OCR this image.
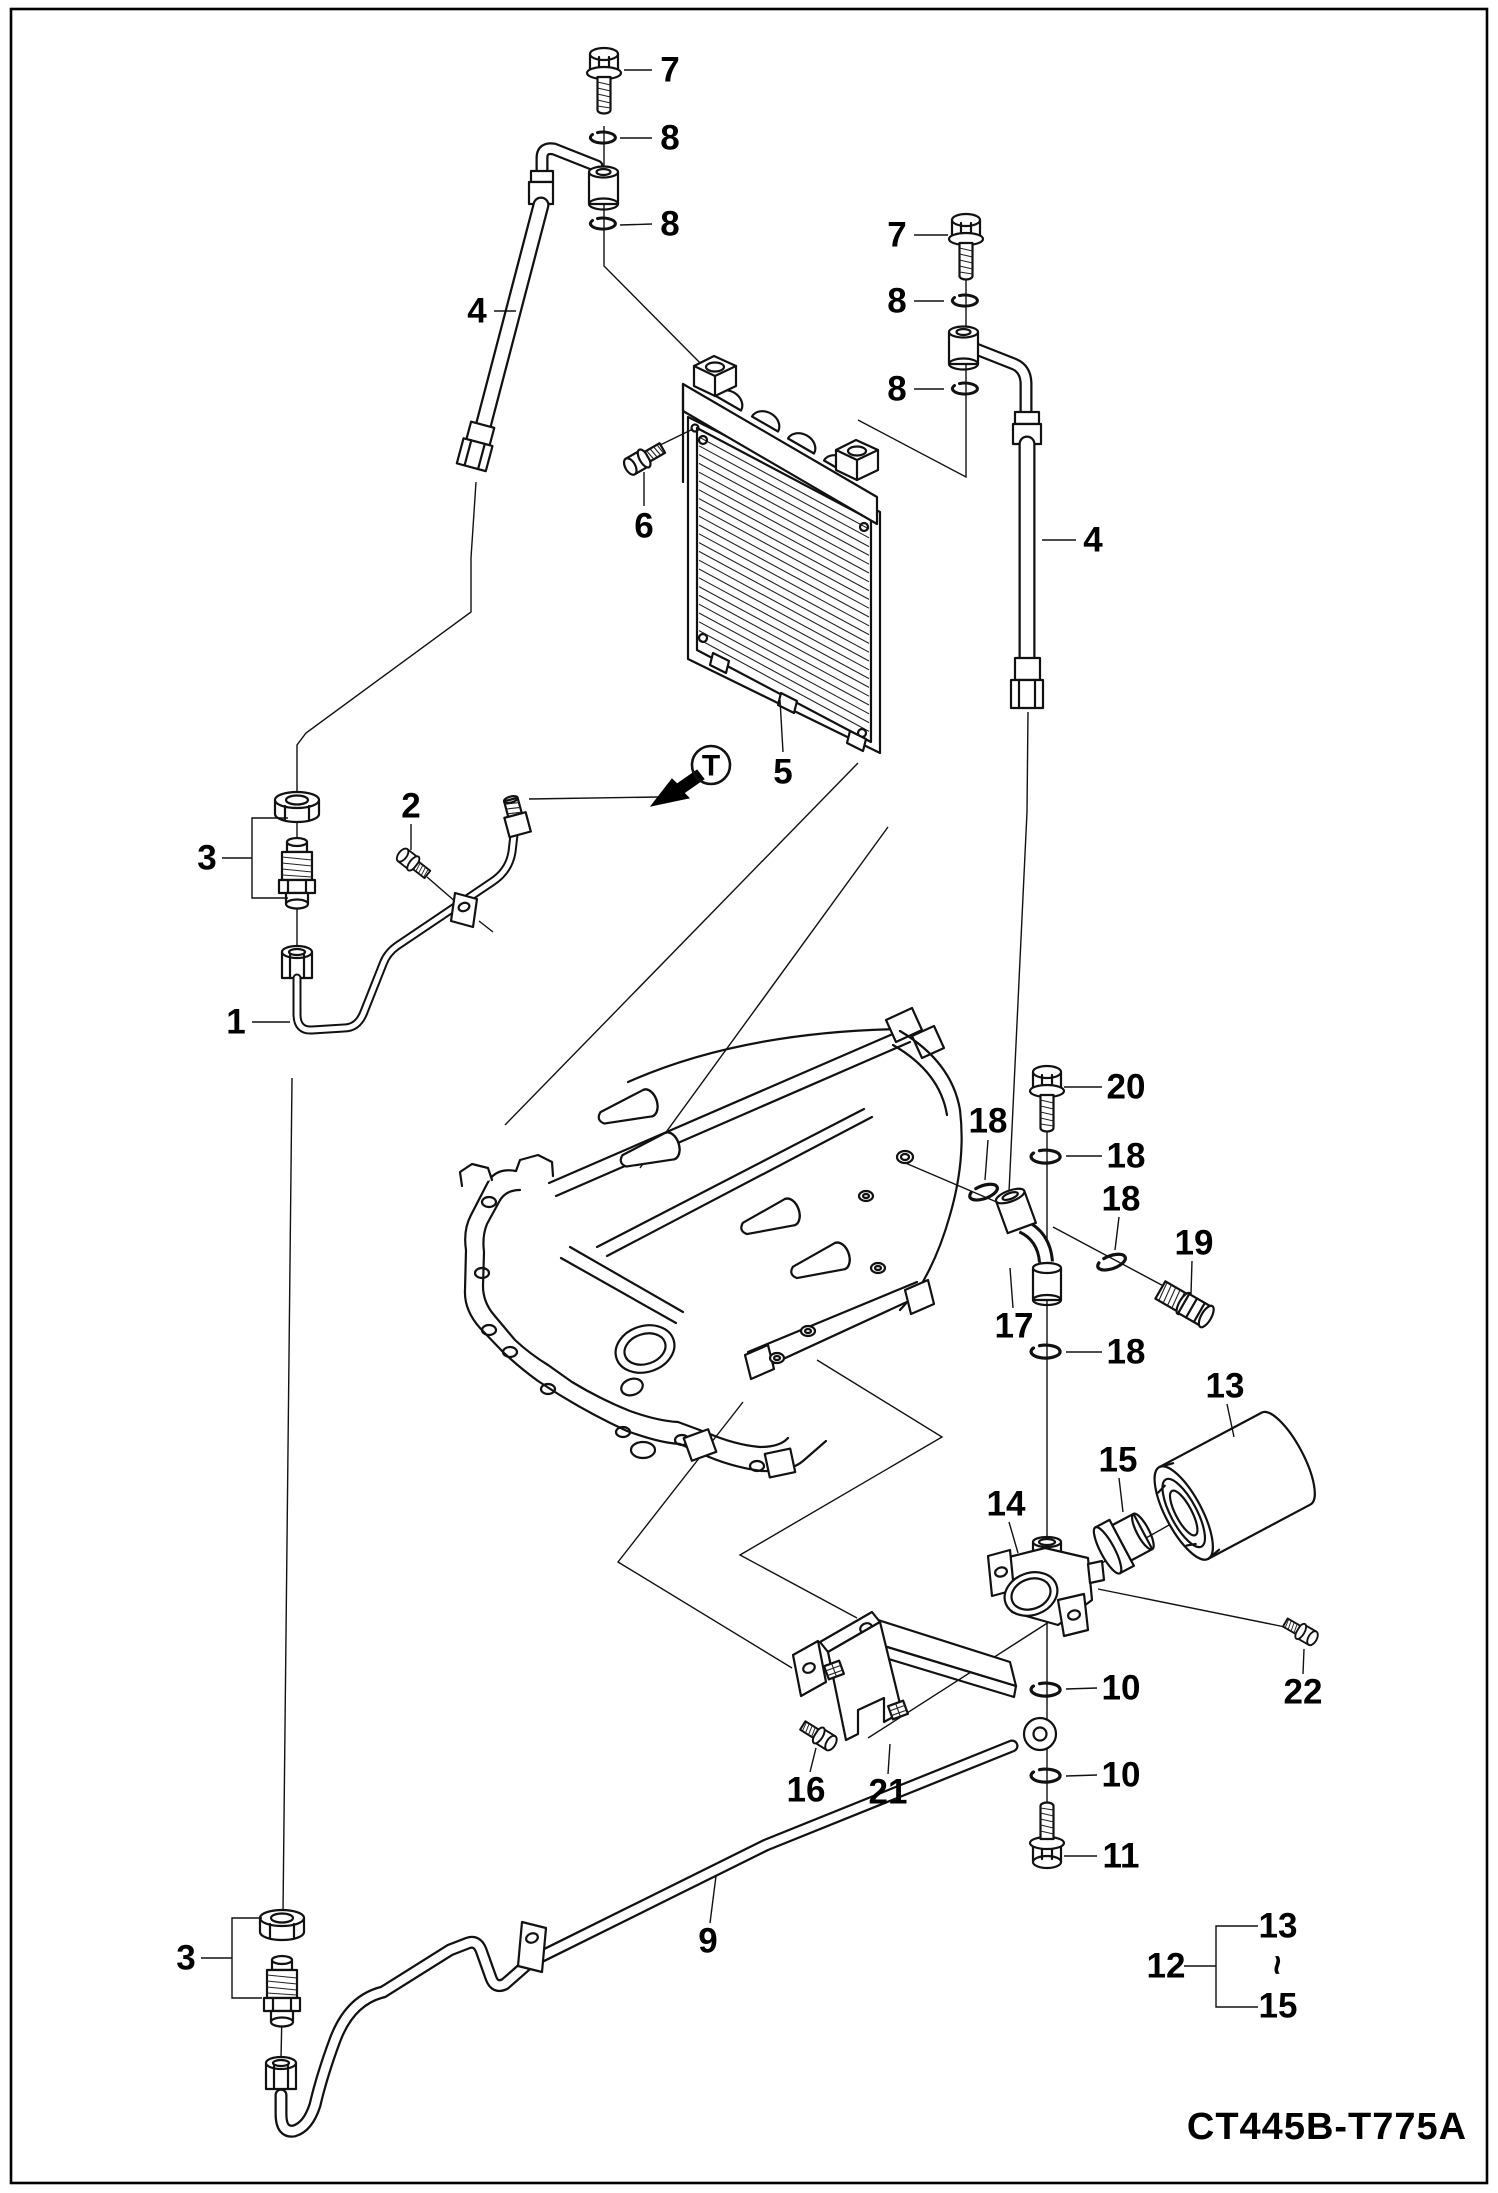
T
7
8
8
4
6
5
7
8
8
4
3
2
1
20
18
18
18
19
17
18
13
15
14
22
10
10
11
16 21
9
3	12
13
~
15
CT445B-T775A
